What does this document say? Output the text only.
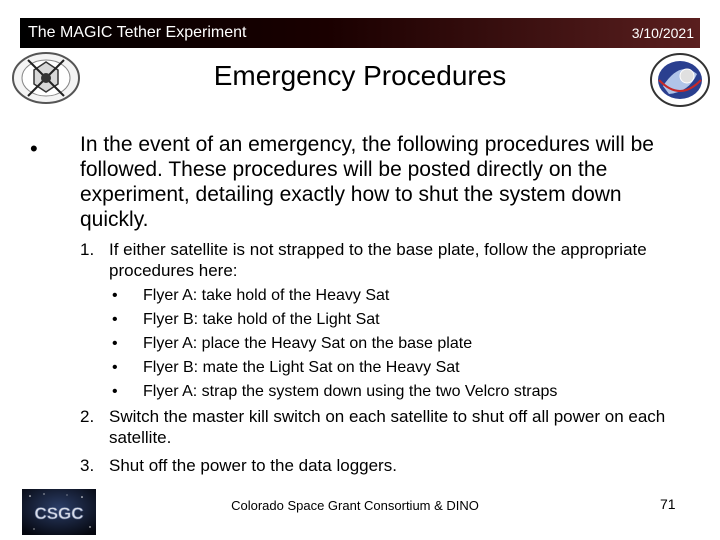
The MAGIC Tether Experiment	3/10/2021
Emergency Procedures
• In the event of an emergency, the following procedures will be followed. These procedures will be posted directly on the experiment, detailing exactly how to shut the system down quickly.
1. If either satellite is not strapped to the base plate, follow the appropriate procedures here:
• Flyer A: take hold of the Heavy Sat
• Flyer B: take hold of the Light Sat
• Flyer A: place the Heavy Sat on the base plate
• Flyer B: mate the Light Sat on the Heavy Sat
• Flyer A: strap the system down using the two Velcro straps
2. Switch the master kill switch on each satellite to shut off all power on each satellite.
3. Shut off the power to the data loggers.
CSGC	Colorado Space Grant Consortium & DINO	71
